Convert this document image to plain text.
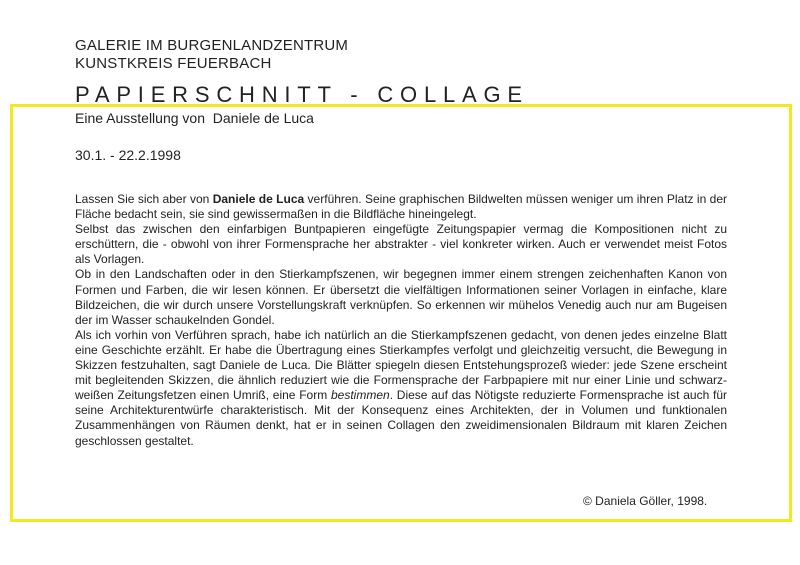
GALERIE IM BURGENLANDZENTRUM
KUNSTKREIS FEUERBACH
PAPIERSCHNITT - COLLAGE
Eine Ausstellung von  Daniele de Luca
30.1. - 22.2.1998

Lassen Sie sich aber von Daniele de Luca verführen. Seine graphischen Bildwelten müssen weniger um ihren Platz in der Fläche bedacht sein, sie sind gewissermaßen in die Bildfläche hineingelegt.

Selbst das zwischen den einfarbigen Buntpapieren eingefügte Zeitungspapier vermag die Kompositionen nicht zu erschüttern, die - obwohl von ihrer Formensprache her abstrakter - viel konkreter wirken. Auch er verwendet meist Fotos als Vorlagen.

Ob in den Landschaften oder in den Stierkampfszenen, wir begegnen immer einem strengen zeichenhaften Kanon von Formen und Farben, die wir lesen können. Er übersetzt die vielfältigen Informationen seiner Vorlagen in einfache, klare Bildzeichen, die wir durch unsere Vorstellungskraft verknüpfen. So erkennen wir mühelos Venedig auch nur am Bugeisen der im Wasser schaukelnden Gondel.

Als ich vorhin von Verführen sprach, habe ich natürlich an die Stierkampfszenen gedacht, von denen jedes einzelne Blatt eine Geschichte erzählt. Er habe die Übertragung eines Stierkampfes verfolgt und gleichzeitig versucht, die Bewegung in Skizzen festzuhalten, sagt Daniele de Luca. Die Blätter spiegeln diesen Entstehungsprozeß wieder: jede Szene erscheint mit begleitenden Skizzen, die ähnlich reduziert wie die Formensprache der Farbpapiere mit nur einer Linie und schwarz-weißen Zeitungsfetzen einen Umriß, eine Form bestimmen. Diese auf das Nötigste reduzierte Formensprache ist auch für seine Architekturentwürfe charakteristisch. Mit der Konsequenz eines Architekten, der in Volumen und funktionalen Zusammenhängen von Räumen denkt, hat er in seinen Collagen den zweidimensionalen Bildraum mit klaren Zeichen geschlossen gestaltet.

© Daniela Göller, 1998.
